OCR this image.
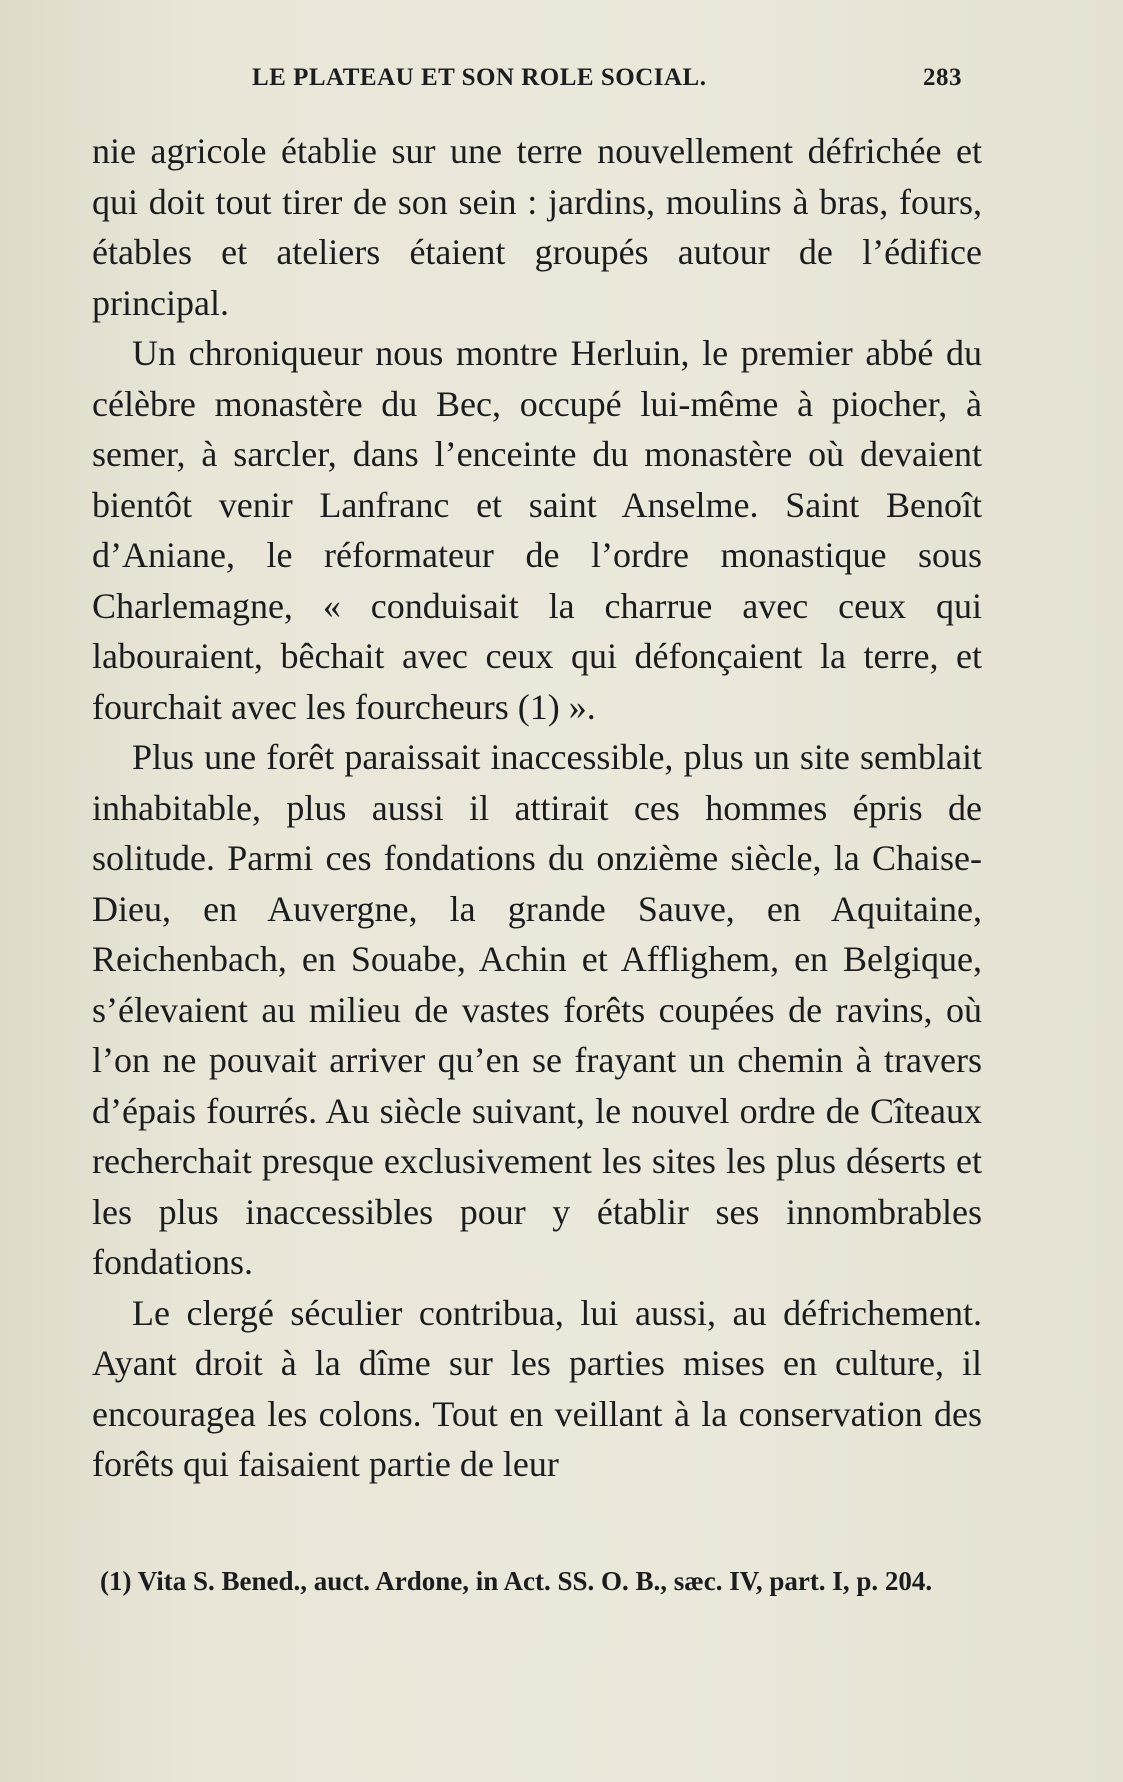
LE PLATEAU ET SON ROLE SOCIAL.	283

nie agricole établie sur une terre nouvellement défrichée et qui doit tout tirer de son sein : jardins, moulins à bras, fours, étables et ateliers étaient groupés autour de l’édifice principal.

Un chroniqueur nous montre Herluin, le premier abbé du célèbre monastère du Bec, occupé lui-même à piocher, à semer, à sarcler, dans l’enceinte du monastère où devaient bientôt venir Lanfranc et saint Anselme. Saint Benoît d’Aniane, le réformateur de l’ordre monastique sous Charlemagne, « conduisait la charrue avec ceux qui labouraient, bêchait avec ceux qui défonçaient la terre, et fourchait avec les fourcheurs (1) ».

Plus une forêt paraissait inaccessible, plus un site semblait inhabitable, plus aussi il attirait ces hommes épris de solitude. Parmi ces fondations du onzième siècle, la Chaise-Dieu, en Auvergne, la grande Sauve, en Aquitaine, Reichenbach, en Souabe, Achin et Afflighem, en Belgique, s’élevaient au milieu de vastes forêts coupées de ravins, où l’on ne pouvait arriver qu’en se frayant un chemin à travers d’épais fourrés. Au siècle suivant, le nouvel ordre de Cîteaux recherchait presque exclusivement les sites les plus déserts et les plus inaccessibles pour y établir ses innombrables fondations.

Le clergé séculier contribua, lui aussi, au défrichement. Ayant droit à la dîme sur les parties mises en culture, il encouragea les colons. Tout en veillant à la conservation des forêts qui faisaient partie de leur

(1) Vita S. Bened., auct. Ardone, in Act. SS. O. B., sæc. IV, part. I, p. 204.
